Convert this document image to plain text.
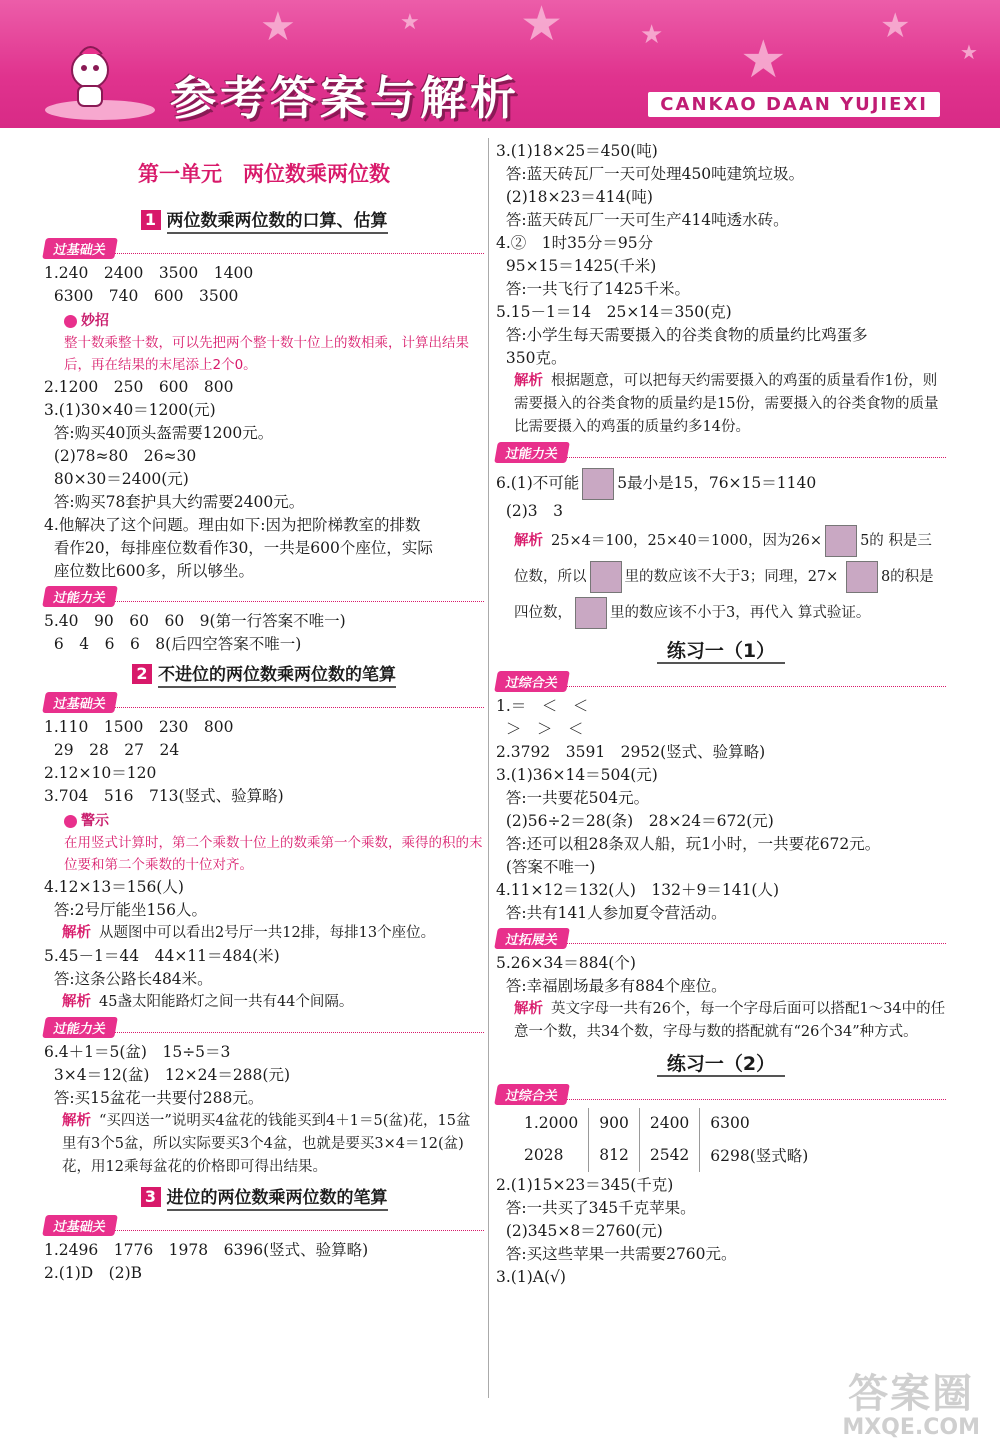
★	★ ★	★ ★
★
★
参考答案与解析	CANKAO DAAN YUJIEXI
第一单元　两位数乘两位数
1 两位数乘两位数的口算、估算
过基础关
1.240　2400　3500　1400
6300　740　600　3500
妙招
整十数乘整十数，可以先把两个整十数十位上的数相乘，计算出结果后，再在结果的末尾添上2个0。
2.1200　250　600　800
3.(1)30×40＝1200(元)
答:购买40顶头盔需要1200元。
(2)78≈80　26≈30
80×30＝2400(元)
答:购买78套护具大约需要2400元。
4.他解决了这个问题。理由如下:因为把阶梯教室的排数
看作20，每排座位数看作30，一共是600个座位，实际
座位数比600多，所以够坐。
过能力关
5.40　90　60　60　9(第一行答案不唯一)
6　4　6　6　8(后四空答案不唯一)
2 不进位的两位数乘两位数的笔算
过基础关
1.110　1500　230　800
29　28　27　24
2.12×10＝120
3.704　516　713(竖式、验算略)
警示
在用竖式计算时，第二个乘数十位上的数乘第一个乘数，乘得的积的末位要和第二个乘数的十位对齐。
4.12×13＝156(人)
答:2号厅能坐156人。
解析 从题图中可以看出2号厅一共12排，每排13个座位。
5.45－1＝44　44×11＝484(米)
答:这条公路长484米。
解析 45盏太阳能路灯之间一共有44个间隔。
过能力关
6.4＋1＝5(盆)　15÷5＝3
3×4＝12(盆)　12×24＝288(元)
答:买15盆花一共要付288元。
解析 “买四送一”说明买4盆花的钱能买到4＋1＝5(盆)花，15盆里有3个5盆，所以实际要买3个4盆，也就是要买3×4＝12(盆)花，用12乘每盆花的价格即可得出结果。
3 进位的两位数乘两位数的笔算
过基础关
1.2496　1776　1978　6396(竖式、验算略)
2.(1)D　(2)B
3.(1)18×25＝450(吨)
答:蓝天砖瓦厂一天可处理450吨建筑垃圾。
(2)18×23＝414(吨)
答:蓝天砖瓦厂一天可生产414吨透水砖。
4.②　1时35分＝95分
95×15＝1425(千米)
答:一共飞行了1425千米。
5.15－1＝14　25×14＝350(克)
答:小学生每天需要摄入的谷类食物的质量约比鸡蛋多
350克。
解析 根据题意，可以把每天约需要摄入的鸡蛋的质量看作1份，则需要摄入的谷类食物的质量约是15份，需要摄入的谷类食物的质量比需要摄入的鸡蛋的质量约多14份。
过能力关
6.(1)不可能 5最小是15，76×15＝1140
(2)3　3
解析 25×4＝100，25×40＝1000，因为26×	5的 积是三位数，所以	里的数应该不大于3；同理，27×	8的积是四位数，	里的数应该不小于3，再代入 算式验证。
练习一（1）
过综合关
1.＝　＜　＜
＞　＞　＜
2.3792　3591　2952(竖式、验算略)
3.(1)36×14＝504(元)
答:一共要花504元。
(2)56÷2＝28(条)　28×24＝672(元)
答:还可以租28条双人船，玩1小时，一共要花672元。
(答案不唯一)
4.11×12＝132(人)　132＋9＝141(人)
答:共有141人参加夏令营活动。
过拓展关
5.26×34＝884(个)
答:幸福剧场最多有884个座位。
解析 英文字母一共有26个，每一个字母后面可以搭配1～34中的任意一个数，共34个数，字母与数的搭配就有“26个34”种方式。
练习一（2）
过综合关
1.2000	900	2400	6300
2028	812	2542	6298(竖式略)
2.(1)15×23＝345(千克)
答:一共买了345千克苹果。
(2)345×8＝2760(元)
答:买这些苹果一共需要2760元。
3.(1)A(√)
答案圈
MXQE.COM
